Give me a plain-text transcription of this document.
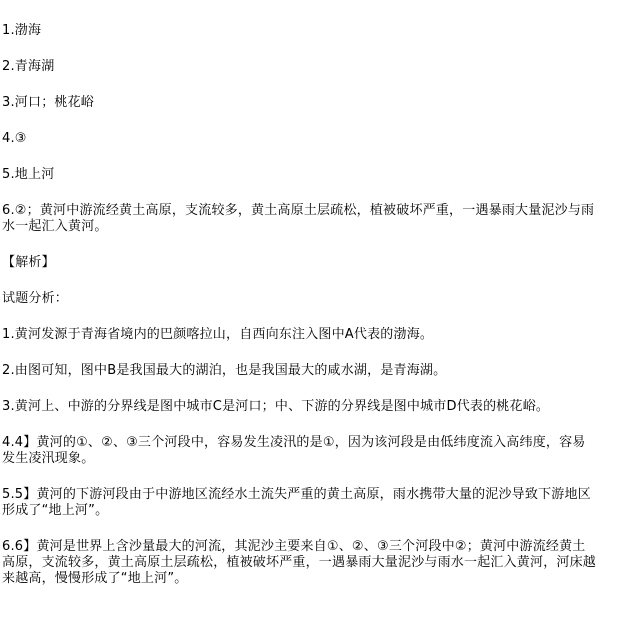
1.渤海
2.青海湖
3.河口；桃花峪
4.③
5.地上河
6.②；黄河中游流经黄土高原，支流较多，黄土高原土层疏松，植被破坏严重，一遇暴雨大量泥沙与雨
水一起汇入黄河。
【解析】
试题分析：
1.黄河发源于青海省境内的巴颜喀拉山，自西向东注入图中A代表的渤海。
2.由图可知，图中B是我国最大的湖泊，也是我国最大的咸水湖，是青海湖。
3.黄河上、中游的分界线是图中城市C是河口；中、下游的分界线是图中城市D代表的桃花峪。
4.4】黄河的①、②、③三个河段中，容易发生凌汛的是①，因为该河段是由低纬度流入高纬度，容易
发生凌汛现象。
5.5】黄河的下游河段由于中游地区流经水土流失严重的黄土高原，雨水携带大量的泥沙导致下游地区
形成了“地上河”。
6.6】黄河是世界上含沙量最大的河流，其泥沙主要来自①、②、③三个河段中②；黄河中游流经黄土
高原，支流较多，黄土高原土层疏松，植被破坏严重，一遇暴雨大量泥沙与雨水一起汇入黄河，河床越
来越高，慢慢形成了“地上河”。
